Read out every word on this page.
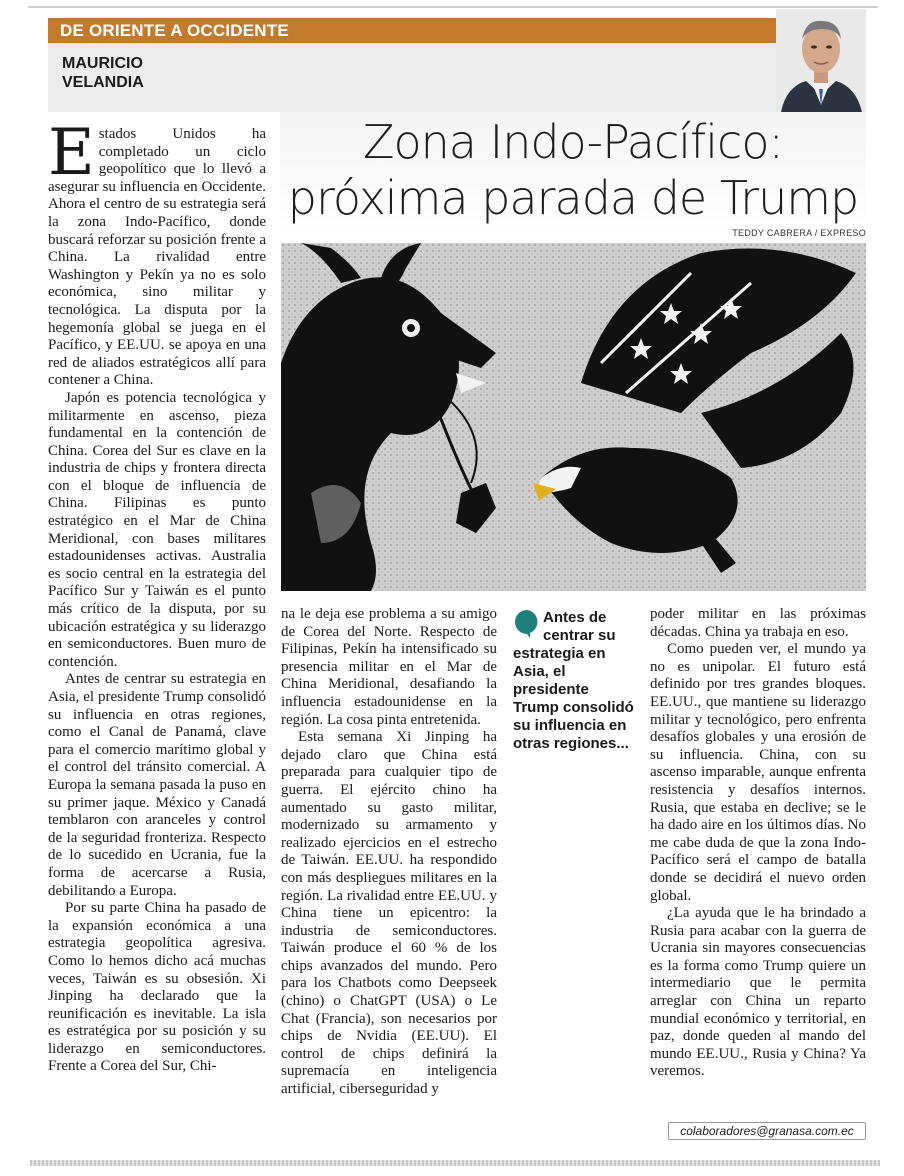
DE ORIENTE A OCCIDENTE
MAURICIO
VELANDIA
Zona Indo-Pacífico:
próxima parada de Trump
TEDDY CABRERA / EXPRESO

Estados Unidos ha completado un ciclo geopolítico que lo llevó a asegurar su influencia en Occidente. Ahora el centro de su estrategia será la zona Indo-Pacífico, donde buscará reforzar su posición frente a China. La rivalidad entre Washington y Pekín ya no es solo económica, sino militar y tecnológica. La disputa por la hegemonía global se juega en el Pacífico, y EE.UU. se apoya en una red de aliados estratégicos allí para contener a China.

Japón es potencia tecnológica y militarmente en ascenso, pieza fundamental en la contención de China. Corea del Sur es clave en la industria de chips y frontera directa con el bloque de influencia de China. Filipinas es punto estratégico en el Mar de China Meridional, con bases militares estadounidenses activas. Australia es socio central en la estrategia del Pacífico Sur y Taiwán es el punto más crítico de la disputa, por su ubicación estratégica y su liderazgo en semiconductores. Buen muro de contención.

Antes de centrar su estrategia en Asia, el presidente Trump consolidó su influencia en otras regiones, como el Canal de Panamá, clave para el comercio marítimo global y el control del tránsito comercial. A Europa la semana pasada la puso en su primer jaque. México y Canadá temblaron con aranceles y control de la seguridad fronteriza. Respecto de lo sucedido en Ucrania, fue la forma de acercarse a Rusia, debilitando a Europa.

Por su parte China ha pasado de la expansión económica a una estrategia geopolítica agresiva. Como lo hemos dicho acá muchas veces, Taiwán es su obsesión. Xi Jinping ha declarado que la reunificación es inevitable. La isla es estratégica por su posición y su liderazgo en semiconductores. Frente a Corea del Sur, Chi-

na le deja ese problema a su amigo de Corea del Norte. Respecto de Filipinas, Pekín ha intensificado su presencia militar en el Mar de China Meridional, desafiando la influencia estadounidense en la región. La cosa pinta entretenida.

Esta semana Xi Jinping ha dejado claro que China está preparada para cualquier tipo de guerra. El ejército chino ha aumentado su gasto militar, modernizado su armamento y realizado ejercicios en el estrecho de Taiwán. EE.UU. ha respondido con más despliegues militares en la región. La rivalidad entre EE.UU. y China tiene un epicentro: la industria de semiconductores. Taiwán produce el 60 % de los chips avanzados del mundo. Pero para los Chatbots como Deepseek (chino) o ChatGPT (USA) o Le Chat (Francia), son necesarios por chips de Nvidia (EE.UU). El control de chips definirá la supremacía en inteligencia artificial, ciberseguridad y

Antes de
centrar su
estrategia en Asia, el presidente Trump consolidó su influencia en otras regiones...

poder militar en las próximas décadas. China ya trabaja en eso.

Como pueden ver, el mundo ya no es unipolar. El futuro está definido por tres grandes bloques. EE.UU., que mantiene su liderazgo militar y tecnológico, pero enfrenta desafíos globales y una erosión de su influencia. China, con su ascenso imparable, aunque enfrenta resistencia y desafíos internos. Rusia, que estaba en declive; se le ha dado aire en los últimos días. No me cabe duda de que la zona Indo-Pacífico será el campo de batalla donde se decidirá el nuevo orden global.

¿La ayuda que le ha brindado a Rusia para acabar con la guerra de Ucrania sin mayores consecuencias es la forma como Trump quiere un intermediario que le permita arreglar con China un reparto mundial económico y territorial, en paz, donde queden al mando del mundo EE.UU., Rusia y China? Ya veremos.

colaboradores@granasa.com.ec
